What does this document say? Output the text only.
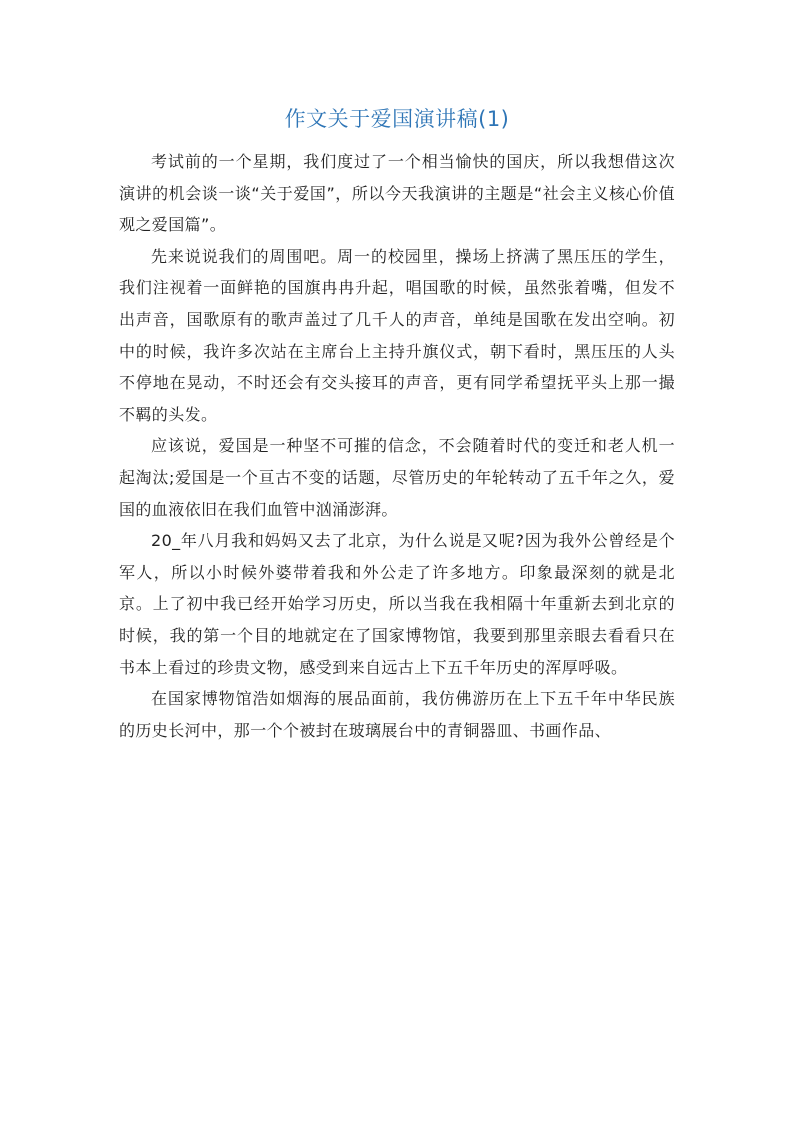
作文关于爱国演讲稿(1)

考试前的一个星期，我们度过了一个相当愉快的国庆，所以我想借这次演讲的机会谈一谈“关于爱国”，所以今天我演讲的主题是“社会主义核心价值观之爱国篇”。

先来说说我们的周围吧。周一的校园里，操场上挤满了黑压压的学生，我们注视着一面鲜艳的国旗冉冉升起，唱国歌的时候，虽然张着嘴，但发不出声音，国歌原有的歌声盖过了几千人的声音，单纯是国歌在发出空响。初中的时候，我许多次站在主席台上主持升旗仪式，朝下看时，黑压压的人头不停地在晃动，不时还会有交头接耳的声音，更有同学希望抚平头上那一撮不羁的头发。

应该说，爱国是一种坚不可摧的信念，不会随着时代的变迁和老人机一起淘汰;爱国是一个亘古不变的话题，尽管历史的年轮转动了五千年之久，爱国的血液依旧在我们血管中汹涌澎湃。

20_年八月我和妈妈又去了北京，为什么说是又呢?因为我外公曾经是个军人，所以小时候外婆带着我和外公走了许多地方。印象最深刻的就是北京。上了初中我已经开始学习历史，所以当我在我相隔十年重新去到北京的时候，我的第一个目的地就定在了国家博物馆，我要到那里亲眼去看看只在书本上看过的珍贵文物，感受到来自远古上下五千年历史的浑厚呼吸。

在国家博物馆浩如烟海的展品面前，我仿佛游历在上下五千年中华民族的历史长河中，那一个个被封在玻璃展台中的青铜器皿、书画作品、
